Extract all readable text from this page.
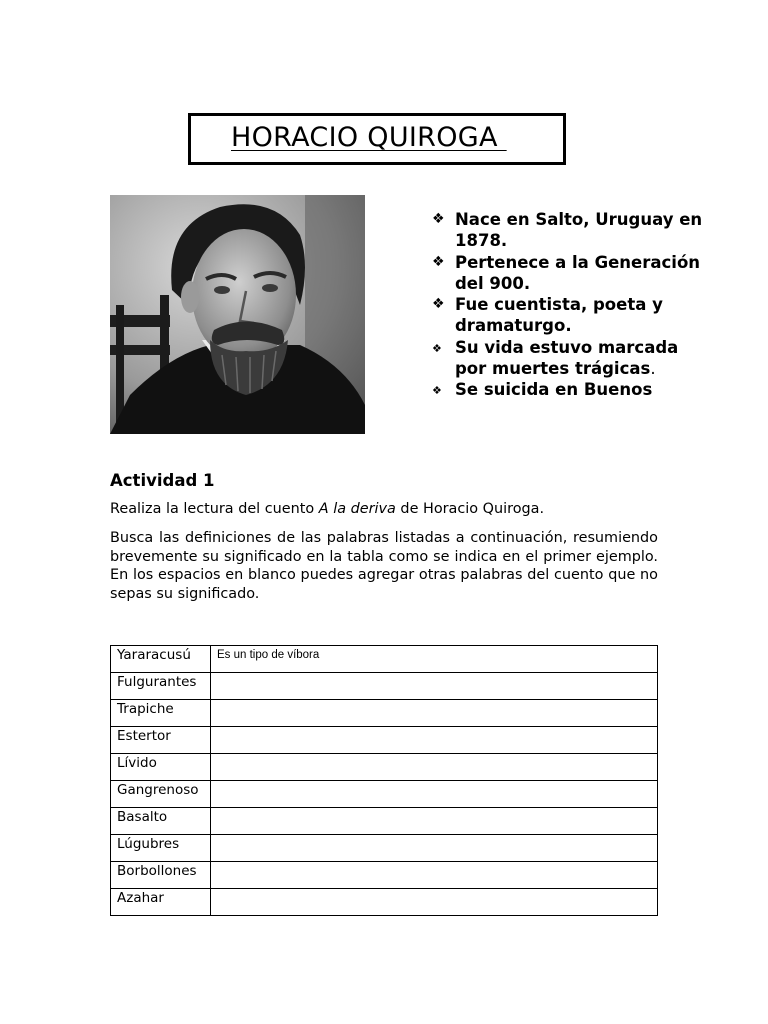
HORACIO QUIROGA
❖ Nace en Salto, Uruguay en 1878.
❖ Pertenece a la Generación del 900.
❖ Fue cuentista, poeta y dramaturgo.
❖ Su vida estuvo marcada por muertes trágicas.
❖ Se suicida en Buenos
Actividad 1

Realiza la lectura del cuento A la deriva de Horacio Quiroga.

Busca las definiciones de las palabras listadas a continuación, resumiendo brevemente su significado en la tabla como se indica en el primer ejemplo. En los espacios en blanco puedes agregar otras palabras del cuento que no sepas su significado.

Yararacusú	Es un tipo de víbora
Fulgurantes	
Trapiche	
Estertor	
Lívido	
Gangrenoso	
Basalto	
Lúgubres	
Borbollones	
Azahar	
